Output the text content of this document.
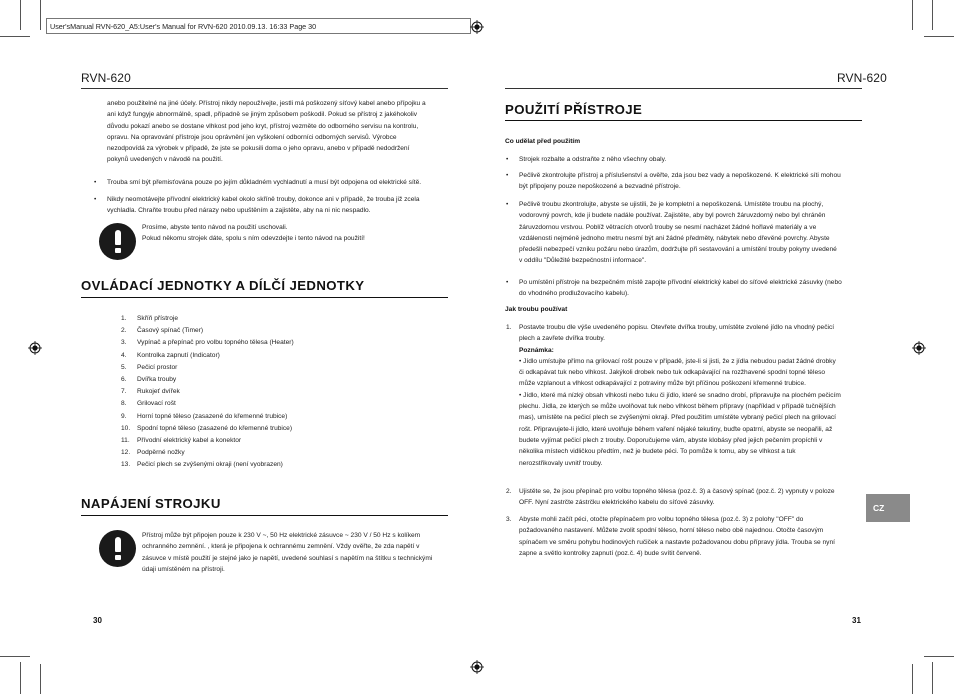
User'sManual RVN-620_A5:User's Manual for RVN-620 2010.09.13. 16:33 Page 30
RVN-620
anebo použitelné na jiné účely. Přístroj nikdy nepoužívejte, jestli má poškozený síťový kabel anebo přípojku a
ani když fungује abnormálně, spadl, případně se jiným způsobem poškodil. Pokud se přístroj z jakéhokoliv
důvodu pokazí anebo se dostane vlhkost pod jeho kryt, přístroj vezměte do odborného servisu na kontrolu,
opravu. Na opravování přístroje jsou oprávnění jen vyškolení odborníci odborných servisů. Výrobce
nezodpovídá za výrobek v případě, že jste se pokusili doma o jeho opravu, anebo v případě nedodržení
pokynů uvedených v návodě na použití.
• Trouba smí být přemisťována pouze po jejím důkladném vychladnutí a musí být odpojena od elektrické sítě.
• Nikdy neomotávejte přívodní elektrický kabel okolo skříně trouby, dokonce ani v případě, že trouba již zcela
vychladla. Chraňte troubu před nárazy nebo upuštěním a zajistěte, aby na ni nic nespadlo.
Prosíme, abyste tento návod na použití uschovali.
Pokud někomu strojek dáte, spolu s ním odevzdejte i tento návod na použití!
OVLÁDACÍ JEDNOTKY A DÍLČÍ JEDNOTKY
1. Skříň přístroje
2. Časový spínač (Timer)
3. Vypínač a přepínač pro volbu topného tělesa (Heater)
4. Kontrolka zapnutí (Indicator)
5. Pečicí prostor
6. Dvířka trouby
7. Rukojeť dvířek
8. Grilovací rošt
9. Horní topné těleso (zasazené do křemenné trubice)
10. Spodní topné těleso (zasazené do křemenné trubice)
11. Přívodní elektrický kabel a konektor
12. Podpěrné nožky
13. Pečicí plech se zvýšenými okraji (není vyobrazen)
NAPÁJENÍ STROJKU
Přístroj může být připojen pouze k 230 V ~, 50 Hz elektrické zásuvce ~ 230 V / 50 Hz s kolíkem
ochranného zemnění. , která je připojena k ochrannému zemnění. Vždy ověřte, že zda napětí v
zásuvce v místě použití je stejné jako je napětí, uvedené souhlasí s napětím na štítku s technickými
údaji umístěném na přístroji.
30
RVN-620
POUŽITÍ PŘÍSTROJE
Co udělat před použitím
• Strojek rozbalte a odstraňte z něho všechny obaly.
• Pečlivě zkontrolujte přístroj a příslušenství a ověřte, zda jsou bez vady a nepoškozené. K elektrické síti mohou
být připojeny pouze nepoškozené a bezvadné přístroje.
• Pečlivě troubu zkontrolujte, abyste se ujistili, že je kompletní a nepoškozená. Umístěte troubu na plochý,
vodorovný povrch, kde ji budete nadále používat. Zajistěte, aby byl povrch žáruvzdorný nebo byl chráněn
žáruvzdornou vrstvou. Poblíž větracích otvorů trouby se nesmí nacházet žádné hořlavé materiály a ve
vzdálenosti nejméně jednoho metru nesmí být ani žádné předměty, nábytek nebo dřevěné povrchy. Abyste
předešli nebezpečí vzniku požáru nebo úrazům, dodržujte při sestavování a umístění trouby pokyny uvedené
v oddílu "Důležité bezpečnostní informace".
• Po umístění přístroje na bezpečném místě zapojte přívodní elektrický kabel do síťové elektrické zásuvky (nebo
do vhodného prodlužovacího kabelu).
Jak troubu používat
1. Postavte troubu dle výše uvedeného popisu. Otevřete dvířka trouby, umístěte zvolené jídlo na vhodný pečicí
plech a zavřete dvířka trouby.
Poznámka:
• Jídlo umístujte přímo na grilovací rošt pouze v případě, jste-li si jisti, že z jídla nebudou padat žádné drobky
či odkapávat tuk nebo vlhkost. Jakýkoli drobek nebo tuk odkapávající na rozžhavené spodní topné těleso
může vzplanout a vlhkost odkapávající z potraviny může být příčinou poškození křemenné trubice.
• Jídlo, které má nízký obsah vlhkosti nebo tuku či jídlo, které se snadno drobí, připravujte na plochém pečicím
plechu. Jídla, ze kterých se může uvolňovat tuk nebo vlhkost během přípravy (například v případě tučnějších
mas), umístěte na pečicí plech se zvýšenými okraji. Před použitím umístěte vybraný pečicí plech na grilovací
rošt. Připravujete-li jídlo, které uvolňuje během vaření nějaké tekutiny, buďte opatrní, abyste se neopařili, až
budete vyjímat pečicí plech z trouby. Doporučujeme vám, abyste klobásy před jejich pečením propíchli v
několika místech vidličkou předtím, než je budete péci. To pomůže k tomu, aby se vlhkost a tuk
nerozstřikovaly uvnitř trouby.
2. Ujistěte se, že jsou přepínač pro volbu topného tělesa (poz.č. 3) a časový spínač (poz.č. 2) vypnuty v poloze
OFF. Nyní zastrčte zástrčku elektrického kabelu do síťové zásuvky.
3. Abyste mohli začít péci, otočte přepínačem pro volbu topného tělesa (poz.č. 3) z polohy "OFF" do
požadovaného nastavení. Můžete zvolit spodní těleso, horní těleso nebo obě najednou. Otočte časovým
spínačem ve směru pohybu hodinových ručiček a nastavte požadovanou dobu přípravy jídla. Trouba se nyní
zapne a světlo kontrolky zapnutí (poz.č. 4) bude svítit červeně.
CZ
31
